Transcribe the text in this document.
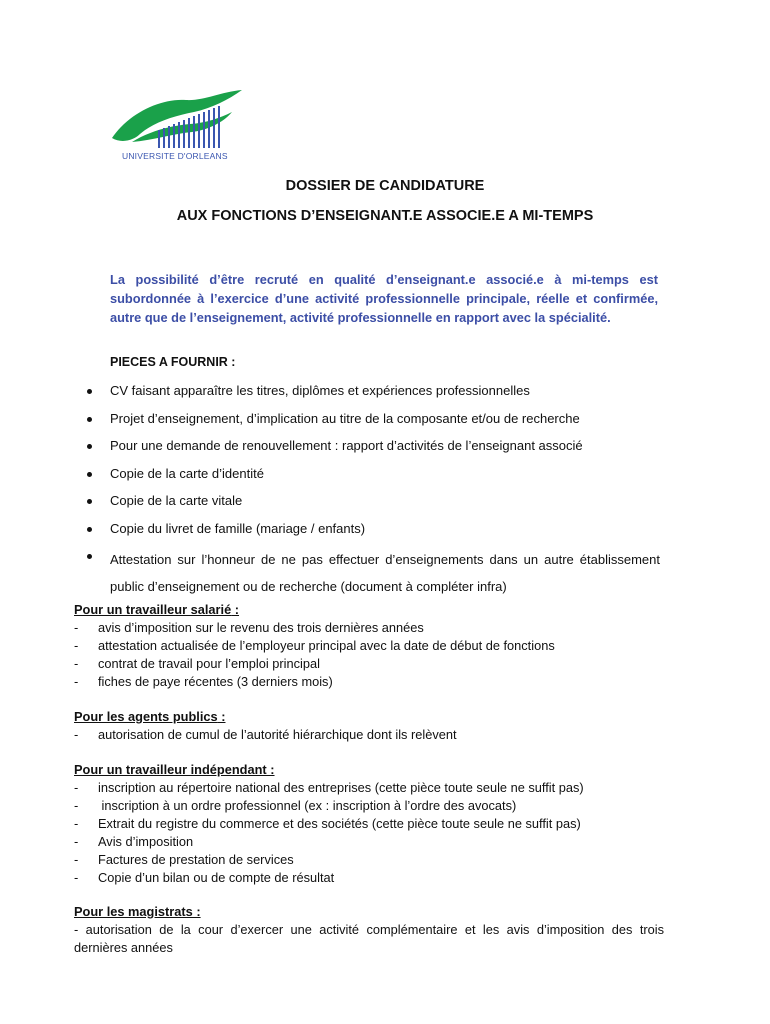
UNIVERSITE D'ORLEANS
DOSSIER DE CANDIDATURE
AUX FONCTIONS D’ENSEIGNANT.E ASSOCIE.E A MI-TEMPS
La possibilité d’être recruté en qualité d’enseignant.e associé.e à mi-temps est subordonnée à l’exercice d’une activité professionnelle principale, réelle et confirmée, autre que de l’enseignement, activité professionnelle en rapport avec la spécialité.
PIECES A FOURNIR :
CV faisant apparaître les titres, diplômes et expériences professionnelles
Projet d’enseignement, d’implication au titre de la composante et/ou de recherche
Pour une demande de renouvellement : rapport d’activités de l’enseignant associé
Copie de la carte d’identité
Copie de la carte vitale
Copie du livret de famille (mariage / enfants)
Attestation sur l’honneur de ne pas effectuer d’enseignements dans un autre établissement public d’enseignement ou de recherche (document à compléter infra)
Pour un travailleur salarié :
- avis d’imposition sur le revenu des trois dernières années
- attestation actualisée de l’employeur principal avec la date de début de fonctions
- contrat de travail pour l’emploi principal
- fiches de paye récentes (3 derniers mois)
Pour les agents publics :
- autorisation de cumul de l’autorité hiérarchique dont ils relèvent
Pour un travailleur indépendant :
- inscription au répertoire national des entreprises (cette pièce toute seule ne suffit pas)
- inscription à un ordre professionnel (ex : inscription à l’ordre des avocats)
- Extrait du registre du commerce et des sociétés (cette pièce toute seule ne suffit pas)
- Avis d’imposition
- Factures de prestation de services
- Copie d’un bilan ou de compte de résultat
Pour les magistrats :
- autorisation de la cour d’exercer une activité complémentaire et les avis d’imposition des trois dernières années
